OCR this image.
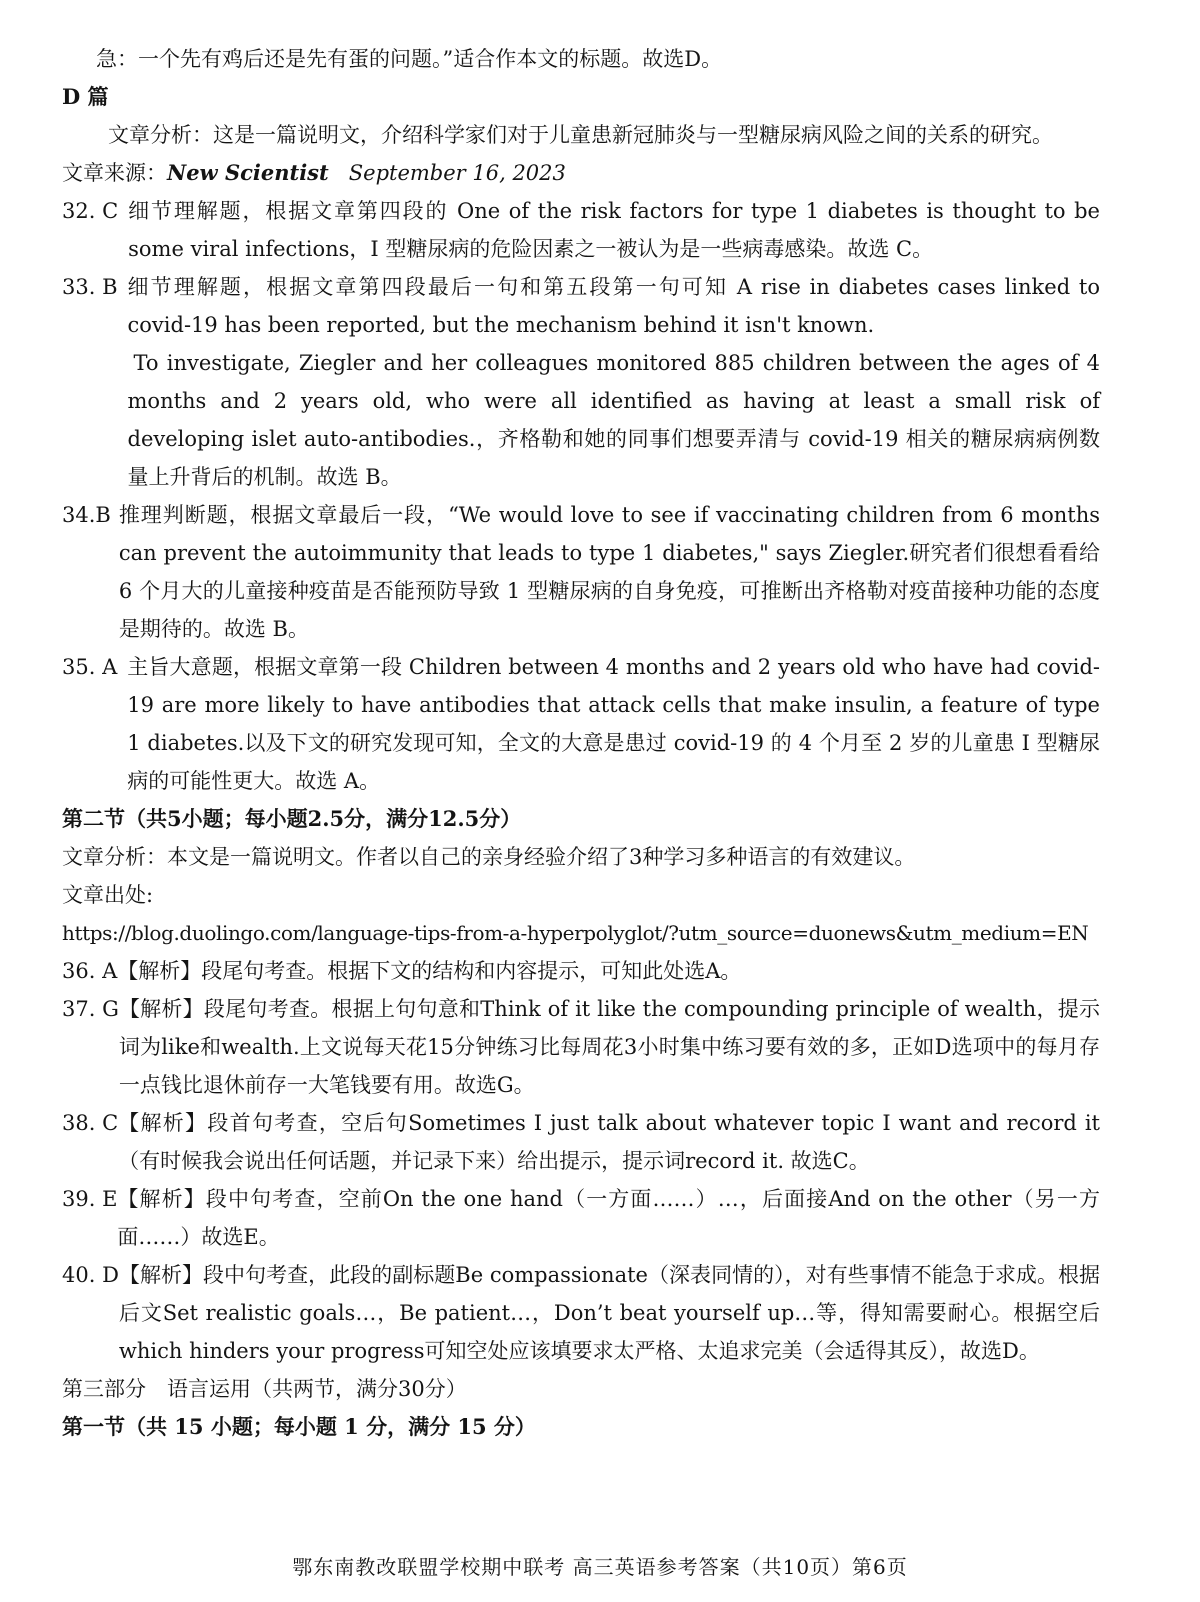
急：一个先有鸡后还是先有蛋的问题。”适合作本文的标题。故选D。

D 篇

文章分析：这是一篇说明文，介绍科学家们对于儿童患新冠肺炎与一型糖尿病风险之间的关系的研究。

文章来源：New Scientist September 16, 2023

32. C 细节理解题，根据文章第四段的 One of the risk factors for type 1 diabetes is thought to be some viral infections，I 型糖尿病的危险因素之一被认为是一些病毒感染。故选 C。
33. B 细节理解题，根据文章第四段最后一句和第五段第一句可知 A rise in diabetes cases linked to covid-19 has been reported, but the mechanism behind it isn't known.
To investigate, Ziegler and her colleagues monitored 885 children between the ages of 4 months and 2 years old, who were all identified as having at least a small risk of developing islet auto-antibodies.，齐格勒和她的同事们想要弄清与 covid-19 相关的糖尿病病例数量上升背后的机制。故选 B。
34.B 推理判断题，根据文章最后一段，“We would love to see if vaccinating children from 6 months can prevent the autoimmunity that leads to type 1 diabetes," says Ziegler.研究者们很想看看给 6 个月大的儿童接种疫苗是否能预防导致 1 型糖尿病的自身免疫，可推断出齐格勒对疫苗接种功能的态度是期待的。故选 B。
35. A 主旨大意题，根据文章第一段 Children between 4 months and 2 years old who have had covid-19 are more likely to have antibodies that attack cells that make insulin, a feature of type 1 diabetes.以及下文的研究发现可知，全文的大意是患过 covid-19 的 4 个月至 2 岁的儿童患 I 型糖尿病的可能性更大。故选 A。

第二节（共5小题；每小题2.5分，满分12.5分）

文章分析：本文是一篇说明文。作者以自己的亲身经验介绍了3种学习多种语言的有效建议。

文章出处:

https://blog.duolingo.com/language-tips-from-a-hyperpolyglot/?utm_source=duonews&utm_medium=EN

36. A 【解析】段尾句考查。根据下文的结构和内容提示，可知此处选A。
37. G 【解析】段尾句考查。根据上句句意和Think of it like the compounding principle of wealth，提示词为like和wealth.上文说每天花15分钟练习比每周花3小时集中练习要有效的多，正如D选项中的每月存一点钱比退休前存一大笔钱要有用。故选G。
38. C 【解析】段首句考查，空后句Sometimes I just talk about whatever topic I want and record it（有时候我会说出任何话题，并记录下来）给出提示，提示词record it. 故选C。
39. E 【解析】段中句考查，空前On the one hand（一方面……）…，后面接And on the other（另一方面……）故选E。
40. D 【解析】段中句考查，此段的副标题Be compassionate（深表同情的），对有些事情不能急于求成。根据后文Set realistic goals…，Be patient…，Don’t beat yourself up…等，得知需要耐心。根据空后which hinders your progress可知空处应该填要求太严格、太追求完美（会适得其反），故选D。

第三部分　语言运用（共两节，满分30分）

第一节（共 15 小题；每小题 1 分，满分 15 分）

鄂东南教改联盟学校期中联考 高三英语参考答案（共10页）第6页
